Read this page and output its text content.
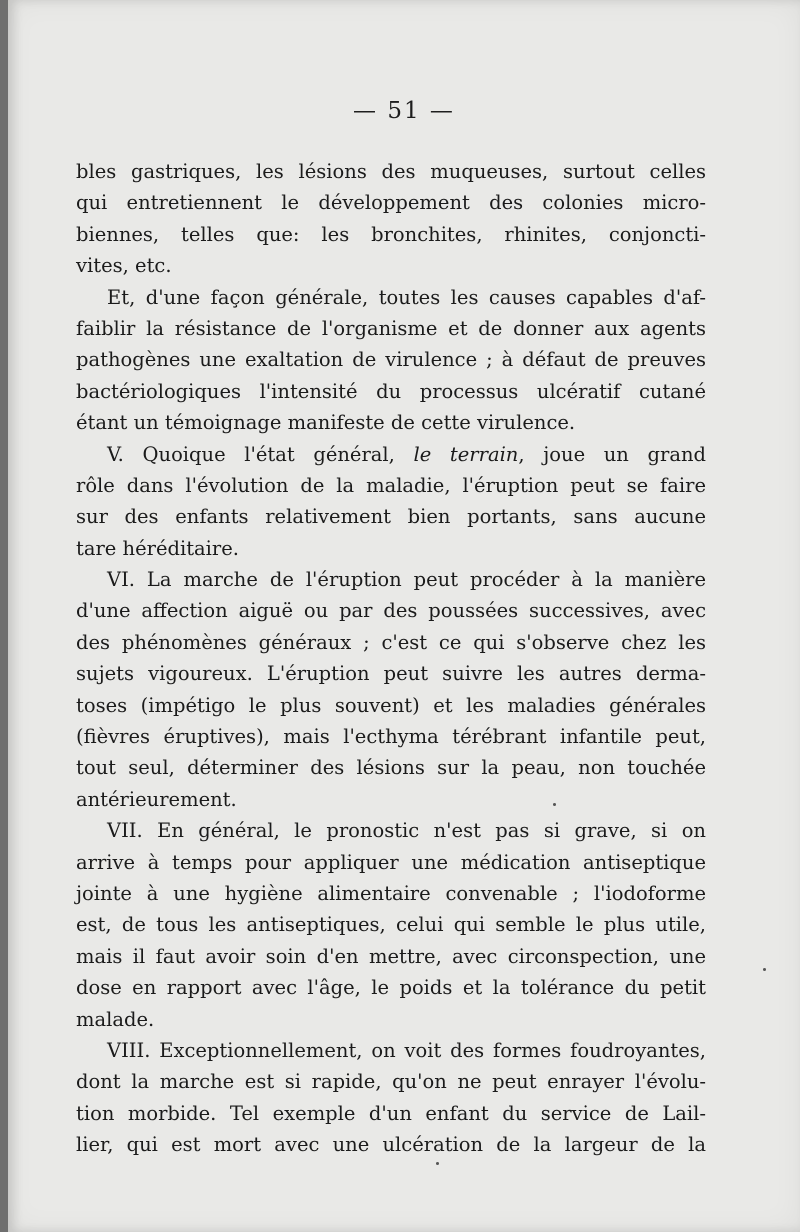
— 51 —
bles gastriques, les lésions des muqueuses, surtout celles
qui entretiennent le développement des colonies micro-
biennes, telles que: les bronchites, rhinites, conjoncti-
vites, etc.
Et, d'une façon générale, toutes les causes capables d'af-
faiblir la résistance de l'organisme et de donner aux agents
pathogènes une exaltation de virulence ; à défaut de preuves
bactériologiques l'intensité du processus ulcératif cutané
étant un témoignage manifeste de cette virulence.
V. Quoique l'état général, le terrain, joue un grand
rôle dans l'évolution de la maladie, l'éruption peut se faire
sur des enfants relativement bien portants, sans aucune
tare héréditaire.
VI. La marche de l'éruption peut procéder à la manière
d'une affection aiguë ou par des poussées successives, avec
des phénomènes généraux ; c'est ce qui s'observe chez les
sujets vigoureux. L'éruption peut suivre les autres derma-
toses (impétigo le plus souvent) et les maladies générales
(fièvres éruptives), mais l'ecthyma térébrant infantile peut,
tout seul, déterminer des lésions sur la peau, non touchée
antérieurement.
VII. En général, le pronostic n'est pas si grave, si on
arrive à temps pour appliquer une médication antiseptique
jointe à une hygiène alimentaire convenable ; l'iodoforme
est, de tous les antiseptiques, celui qui semble le plus utile,
mais il faut avoir soin d'en mettre, avec circonspection, une
dose en rapport avec l'âge, le poids et la tolérance du petit
malade.
VIII. Exceptionnellement, on voit des formes foudroyantes,
dont la marche est si rapide, qu'on ne peut enrayer l'évolu-
tion morbide. Tel exemple d'un enfant du service de Lail-
lier, qui est mort avec une ulcération de la largeur de la
